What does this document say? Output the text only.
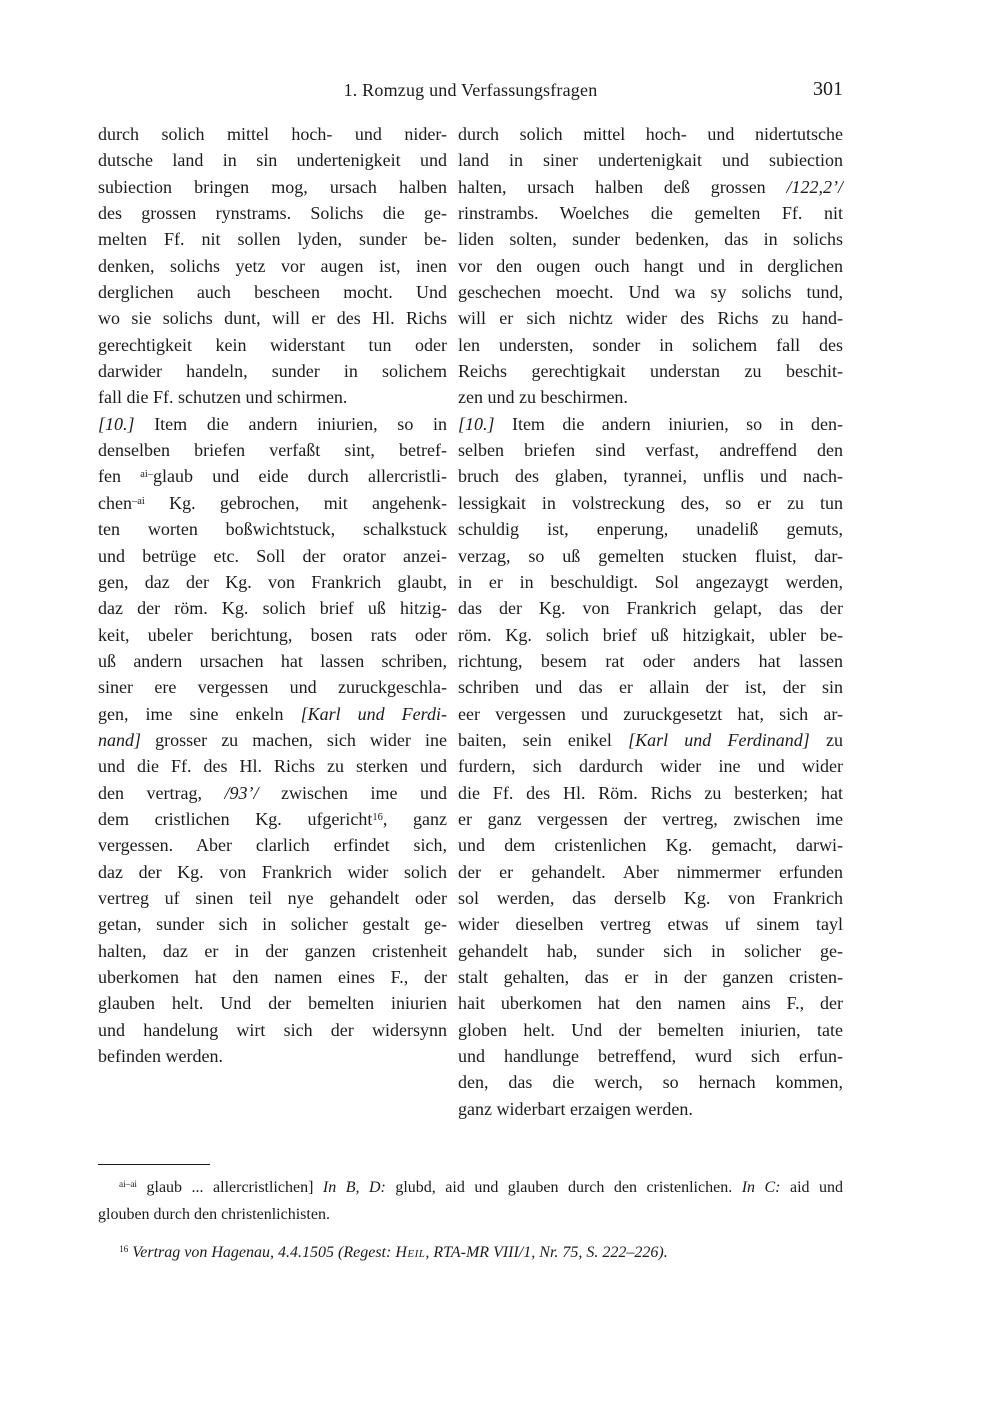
1. Romzug und Verfassungsfragen	301
durch solich mittel hoch- und nider-
dutsche land in sin undertenigkeit und
subiection bringen mog, ursach halben
des grossen rynstrams. Solichs die ge-
melten Ff. nit sollen lyden, sunder be-
denken, solichs yetz vor augen ist, inen
derglichen auch bescheen mocht. Und
wo sie solichs dunt, will er des Hl. Richs
gerechtigkeit kein widerstant tun oder
darwider handeln, sunder in solichem
fall die Ff. schutzen und schirmen.
[10.] Item die andern iniurien, so in
denselben briefen verfaßt sint, betref-
fen $^{ai-}$glaub und eide durch allercristli-
chen$^{-ai}$ Kg. gebrochen, mit angehenk-
ten worten boßwichtstuck, schalkstuck
und betrüge etc. Soll der orator anzei-
gen, daz der Kg. von Frankrich glaubt,
daz der röm. Kg. solich brief uß hitzig-
keit, ubeler berichtung, bosen rats oder
uß andern ursachen hat lassen schriben,
siner ere vergessen und zuruckgeschla-
gen, ime sine enkeln [Karl und Ferdi-
nand] grosser zu machen, sich wider ine
und die Ff. des Hl. Richs zu sterken und
den vertrag, /93’/ zwischen ime und
dem cristlichen Kg. ufgericht$^{16}$, ganz
vergessen. Aber clarlich erfindet sich,
daz der Kg. von Frankrich wider solich
vertreg uf sinen teil nye gehandelt oder
getan, sunder sich in solicher gestalt ge-
halten, daz er in der ganzen cristenheit
uberkomen hat den namen eines F., der
glauben helt. Und der bemelten iniurien
und handelung wirt sich der widersynn
befinden werden.
durch solich mittel hoch- und nidertutsche
land in siner undertenigkait und subiection
halten, ursach halben deß grossen /122,2’/
rinstrambs. Woelches die gemelten Ff. nit
liden solten, sunder bedenken, das in solichs
vor den ougen ouch hangt und in derglichen
geschechen moecht. Und wa sy solichs tund,
will er sich nichtz wider des Richs zu hand-
len understen, sonder in solichem fall des
Reichs gerechtigkait understan zu beschit-
zen und zu beschirmen.
[10.] Item die andern iniurien, so in den-
selben briefen sind verfast, andreffend den
bruch des glaben, tyrannei, unflis und nach-
lessigkait in volstreckung des, so er zu tun
schuldig ist, enperung, unadeliß gemuts,
verzag, so uß gemelten stucken fluist, dar-
in er in beschuldigt. Sol angezaygt werden,
das der Kg. von Frankrich gelapt, das der
röm. Kg. solich brief uß hitzigkait, ubler be-
richtung, besem rat oder anders hat lassen
schriben und das er allain der ist, der sin
eer vergessen und zuruckgesetzt hat, sich ar-
baiten, sein enikel [Karl und Ferdinand] zu
furdern, sich dardurch wider ine und wider
die Ff. des Hl. Röm. Richs zu besterken; hat
er ganz vergessen der vertreg, zwischen ime
und dem cristenlichen Kg. gemacht, darwi-
der er gehandelt. Aber nimmermer erfunden
sol werden, das derselb Kg. von Frankrich
wider dieselben vertreg etwas uf sinem tayl
gehandelt hab, sunder sich in solicher ge-
stalt gehalten, das er in der ganzen cristen-
hait uberkomen hat den namen ains F., der
globen helt. Und der bemelten iniurien, tate
und handlunge betreffend, wurd sich erfun-
den, das die werch, so hernach kommen,
ganz widerbart erzaigen werden.
$^{ai-ai}$ glaub ... allercristlichen] In B, D: glubd, aid und glauben durch den cristenlichen. In C: aid und
glouben durch den christenlichisten.
$^{16}$ Vertrag von Hagenau, 4.4.1505 (Regest: Heil, RTA-MR VIII/1, Nr. 75, S. 222–226).
